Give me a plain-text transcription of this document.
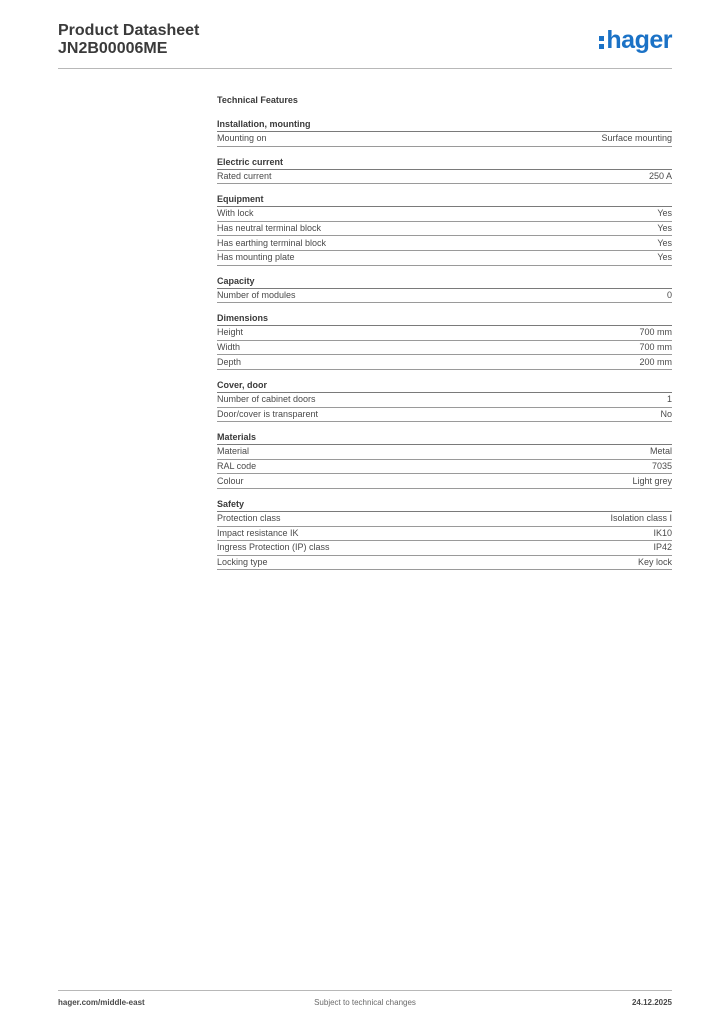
Product Datasheet
JN2B00006ME	hager
Technical Features
Installation, mounting
Mounting on	Surface mounting
Electric current
Rated current	250 A
Equipment
With lock	Yes
Has neutral terminal block	Yes
Has earthing terminal block	Yes
Has mounting plate	Yes
Capacity
Number of modules	0
Dimensions
Height	700 mm
Width	700 mm
Depth	200 mm
Cover, door
Number of cabinet doors	1
Door/cover is transparent	No
Materials
Material	Metal
RAL code	7035
Colour	Light grey
Safety
Protection class	Isolation class I
Impact resistance IK	IK10
Ingress Protection (IP) class	IP42
Locking type	Key lock
hager.com/middle-east	Subject to technical changes	24.12.2025
